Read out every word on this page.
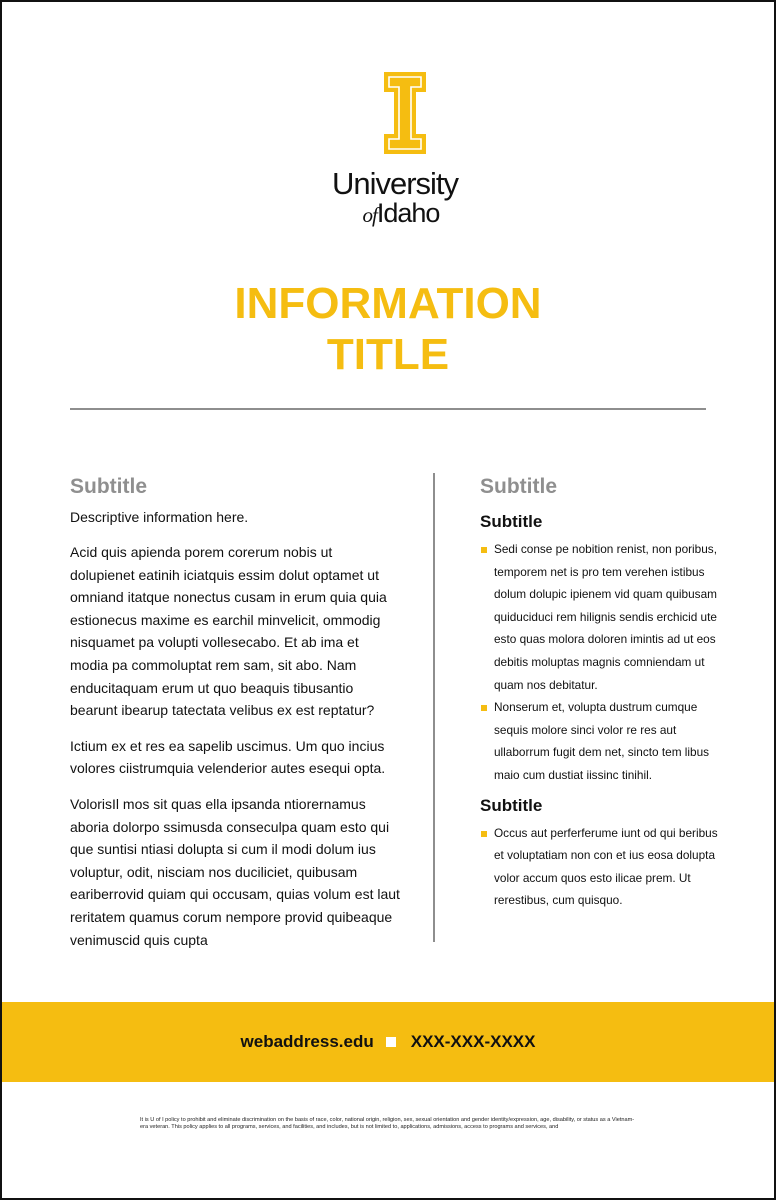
University
ofIdaho
INFORMATION
TITLE
Subtitle

Descriptive information here.

Acid quis apienda porem corerum nobis ut dolupienet eatinih iciatquis essim dolut optamet ut omniand itatque nonectus cusam in erum quia quia estionecus maxime es earchil minvelicit, ommodig nisquamet pa volupti vollesecabo. Et ab ima et modia pa commoluptat rem sam, sit abo. Nam enducitaquam erum ut quo beaquis tibusantio bearunt ibearup tatectata velibus ex est reptatur?

Ictium ex et res ea sapelib uscimus. Um quo incius volores ciistrumquia velenderior autes esequi opta.

VolorisIl mos sit quas ella ipsanda ntiorernamus aboria dolorpo ssimusda conseculpa quam esto qui que suntisi ntiasi dolupta si cum il modi dolum ius voluptur, odit, nisciam nos duciliciet, quibusam eariberrovid quiam qui occusam, quias volum est laut reritatem quamus corum nempore provid quibeaque venimuscid quis cupta

Subtitle
Subtitle
Sedi conse pe nobition renist, non poribus, temporem net is pro tem verehen istibus dolum dolupic ipienem vid quam quibusam quiduciduci rem hilignis sendis erchicid ute esto quas molora doloren imintis ad ut eos debitis moluptas magnis comniendam ut quam nos debitatur.
Nonserum et, volupta dustrum cumque sequis molore sinci volor re res aut ullaborrum fugit dem net, sincto tem libus maio cum dustiat iissinc tinihil.
Subtitle
Occus aut perferferume iunt od qui beribus et voluptatiam non con et ius eosa dolupta volor accum quos esto ilicae prem. Ut rerestibus, cum quisquo.
webaddress.edu XXX-XXX-XXXX
It is U of I policy to prohibit and eliminate discrimination on the basis of race, color, national origin, religion, sex, sexual orientation and gender identity/expression, age, disability, or status as a Vietnam-era veteran. This policy applies to all programs, services, and facilities, and includes, but is not limited to, applications, admissions, access to programs and services, and
